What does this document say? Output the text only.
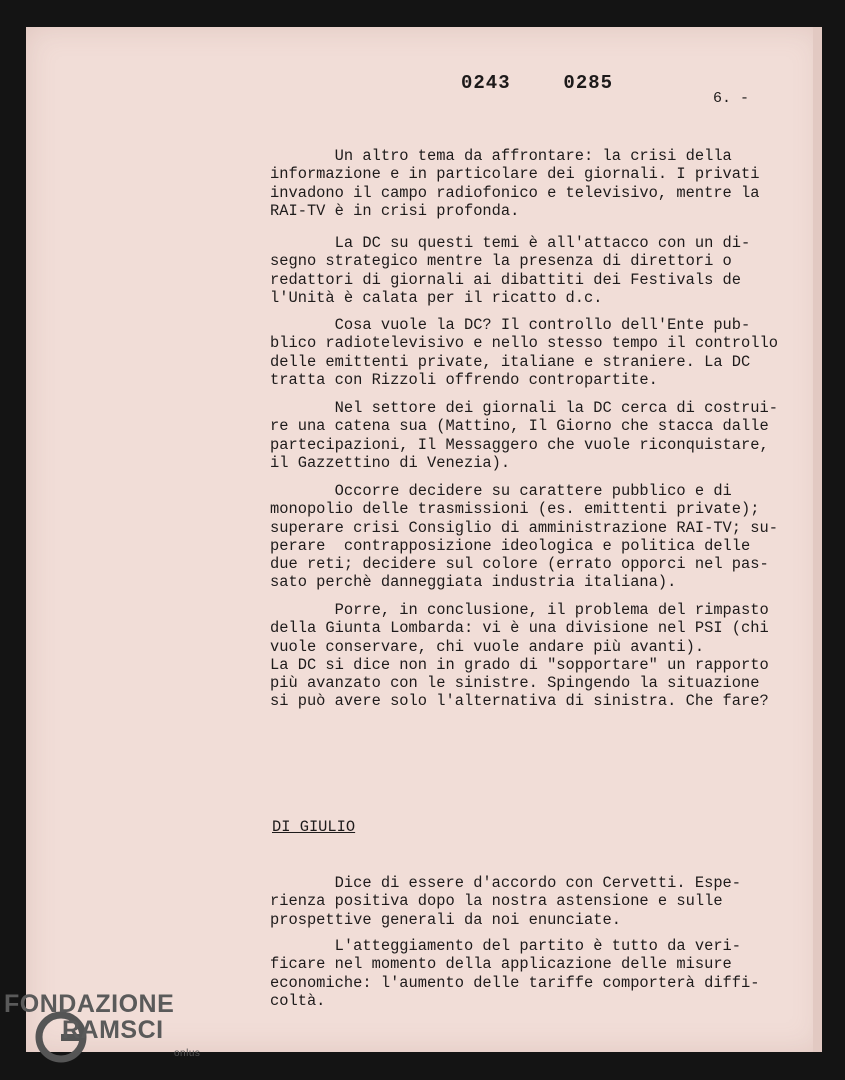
0243  0285
6. -

Un altro tema da affrontare: la crisi della
informazione e in particolare dei giornali. I privati
invadono il campo radiofonico e televisivo, mentre la
RAI-TV è in crisi profonda.

La DC su questi temi è all'attacco con un di-
segno strategico mentre la presenza di direttori o
redattori di giornali ai dibattiti dei Festivals de
l'Unità è calata per il ricatto d.c.

Cosa vuole la DC? Il controllo dell'Ente pub-
blico radiotelevisivo e nello stesso tempo il controllo
delle emittenti private, italiane e straniere. La DC
tratta con Rizzoli offrendo contropartite.

Nel settore dei giornali la DC cerca di costrui-
re una catena sua (Mattino, Il Giorno che stacca dalle
partecipazioni, Il Messaggero che vuole riconquistare,
il Gazzettino di Venezia).

Occorre decidere su carattere pubblico e di
monopolio delle trasmissioni (es. emittenti private);
superare crisi Consiglio di amministrazione RAI-TV; su-
perare  contrapposizione ideologica e politica delle
due reti; decidere sul colore (errato opporci nel pas-
sato perchè danneggiata industria italiana).

Porre, in conclusione, il problema del rimpasto
della Giunta Lombarda: vi è una divisione nel PSI (chi
vuole conservare, chi vuole andare più avanti).
La DC si dice non in grado di "sopportare" un rapporto
più avanzato con le sinistre. Spingendo la situazione
si può avere solo l'alternativa di sinistra. Che fare?

DI GIULIO

Dice di essere d'accordo con Cervetti. Espe-
rienza positiva dopo la nostra astensione e sulle
prospettive generali da noi enunciate.

L'atteggiamento del partito è tutto da veri-
ficare nel momento della applicazione delle misure
economiche: l'aumento delle tariffe comporterà diffi-
coltà.

FONDAZIONE
RAMSCI
onlus
